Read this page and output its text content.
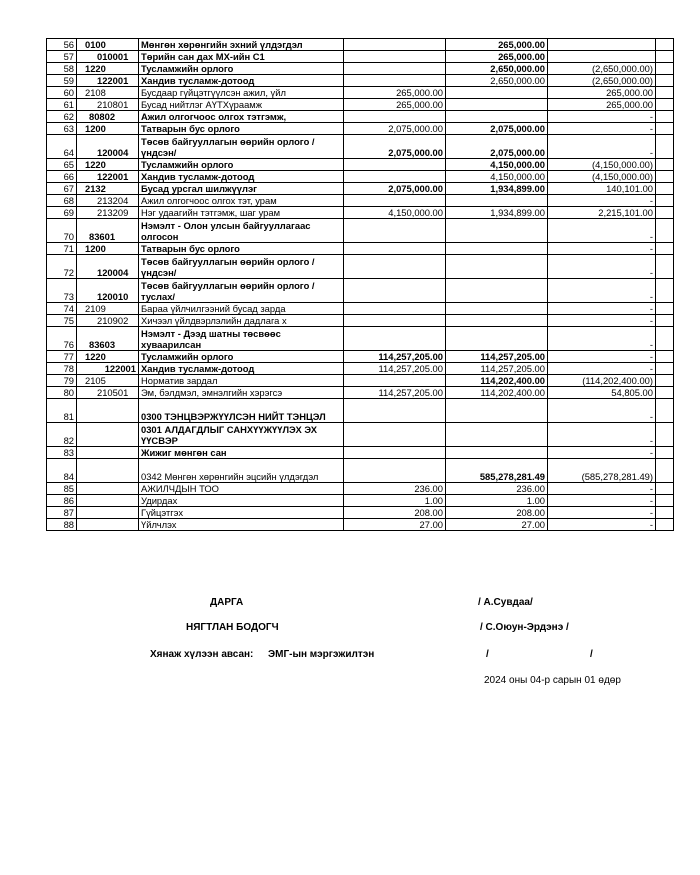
56	0100	Мөнгөн хөрөнгийн эхний үлдэгдэл		265,000.00		
57	010001	Төрийн сан дах МХ-ийн С1		265,000.00		
58	1220	Тусламжийн орлого		2,650,000.00	(2,650,000.00)	
59	122001	Хандив тусламж-дотоод		2,650,000.00	(2,650,000.00)	
60	2108	Бусдаар гүйцэтгүүлсэн ажил, үйл	265,000.00		265,000.00	
61	210801	Бусад нийтлэг АҮТХүраамж	265,000.00		265,000.00	
62	80802	Ажил олгогчоос олгох тэтгэмж,			-	
63	1200	Татварын бус орлого	2,075,000.00	2,075,000.00	-	
64	120004	Төсөв байгууллагын өөрийн орлого /үндсэн/	2,075,000.00	2,075,000.00	-	
65	1220	Тусламжийн орлого		4,150,000.00	(4,150,000.00)	
66	122001	Хандив тусламж-дотоод		4,150,000.00	(4,150,000.00)	
67	2132	Бусад урсгал шилжүүлэг	2,075,000.00	1,934,899.00	140,101.00	
68	213204	Ажил олгогчоос олгох тэт, урам			-	
69	213209	Нэг удаагийн тэтгэмж, шаг урам	4,150,000.00	1,934,899.00	2,215,101.00	
70	83601	Нэмэлт - Олон улсын байгууллагаас олгосон			-	
71	1200	Татварын бус орлого			-	
72	120004	Төсөв байгууллагын өөрийн орлого /үндсэн/			-	
73	120010	Төсөв байгууллагын өөрийн орлого /туслах/			-	
74	2109	Бараа үйлчилгээний бусад зарда			-	
75	210902	Хичээл үйлдвэрлэлийн дадлага х			-	
76	83603	Нэмэлт - Дээд шатны төсвөөс хуваарилсан			-	
77	1220	Тусламжийн орлого	114,257,205.00	114,257,205.00	-	
78	122001	Хандив тусламж-дотоод	114,257,205.00	114,257,205.00	-	
79	2105	Норматив зардал		114,202,400.00	(114,202,400.00)	
80	210501	Эм, бэлдмэл, эмнэлгийн хэрэгсэ	114,257,205.00	114,202,400.00	54,805.00	
81		0300 ТЭНЦВЭРЖҮҮЛСЭН НИЙТ ТЭНЦЭЛ			-	
82		0301 АЛДАГДЛЫГ САНХҮҮЖҮҮЛЭХ ЭХ ҮҮСВЭР			-	
83		Жижиг мөнгөн сан			-	
84		0342 Мөнгөн хөрөнгийн эцсийн үлдэгдэл		585,278,281.49	(585,278,281.49)	
85		АЖИЛЧДЫН ТОО	236.00	236.00	-	
86		Удирдах	1.00	1.00	-	
87		Гүйцэтгэх	208.00	208.00	-	
88		Үйлчлэх	27.00	27.00	-	
ДАРГА	/ А.Сувдаа/
НЯГТЛАН БОДОГЧ	/ С.Оюун-Эрдэнэ /
Хянаж хүлээн авсан: ЭМГ-ын мэргэжилтэн	/	/
2024 оны 04-р сарын 01 өдөр
